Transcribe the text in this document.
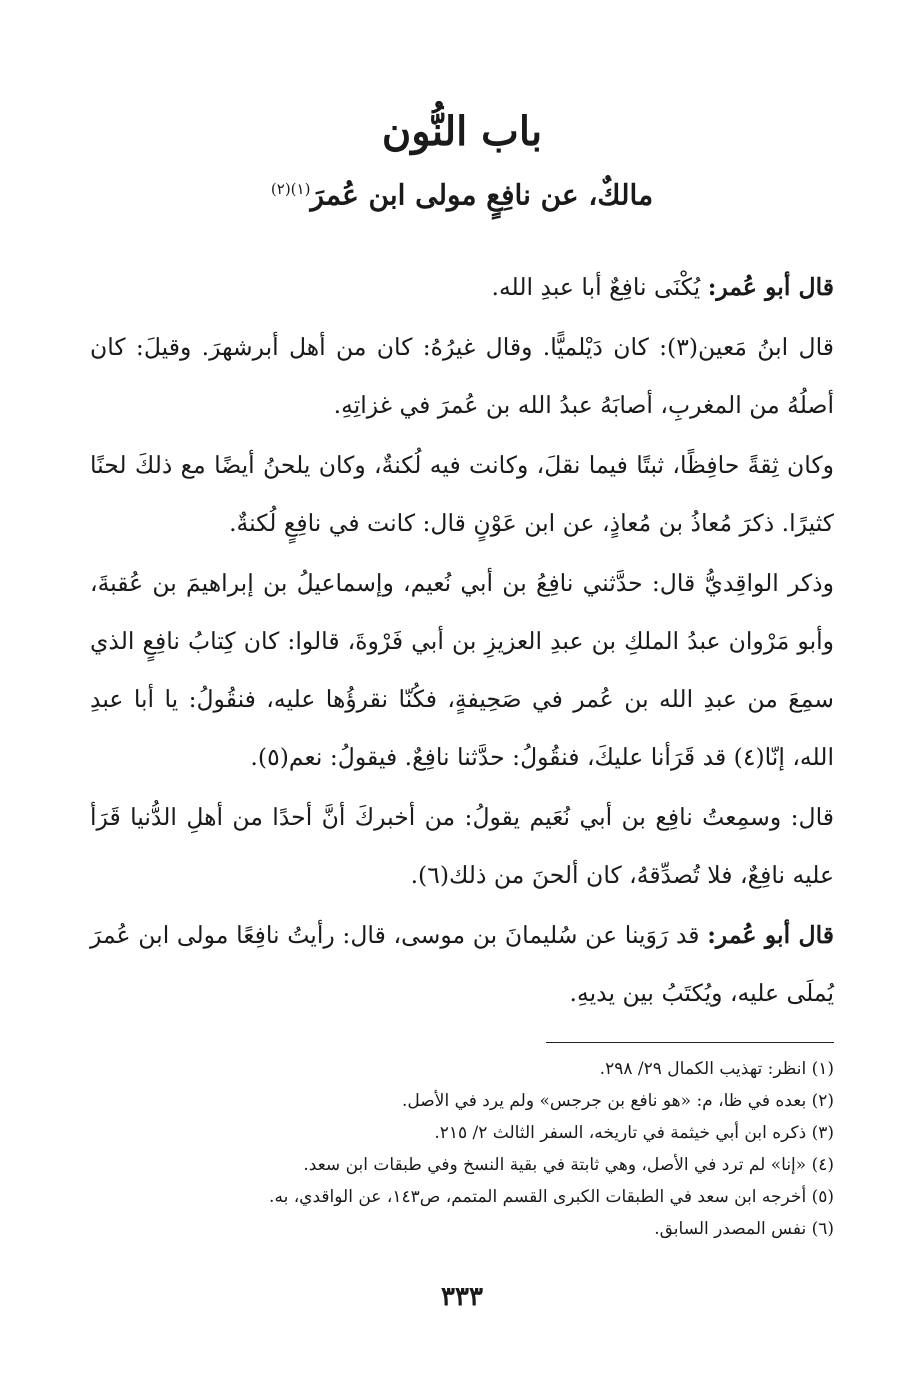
باب النُّون
مالكٌ، عن نافِعٍ مولى ابن عُمرَ$^{(١)(٢)}$

قال أبو عُمر: يُكْنَى نافِعٌ أبا عبدِ الله.

قال ابنُ مَعين(٣): كان دَيْلميًّا. وقال غيرُهُ: كان من أهل أبرشهرَ. وقيلَ: كان أصلُهُ من المغربِ، أصابَهُ عبدُ الله بن عُمرَ في غزاتِهِ.

وكان ثِقةً حافِظًا، ثبتًا فيما نقلَ، وكانت فيه لُكنةٌ، وكان يلحنُ أيضًا مع ذلكَ لحنًا كثيرًا. ذكرَ مُعاذُ بن مُعاذٍ، عن ابن عَوْنٍ قال: كانت في نافِعٍ لُكنةٌ.

وذكر الواقِديُّ قال: حدَّثني نافِعُ بن أبي نُعيم، وإسماعيلُ بن إبراهيمَ بن عُقبةَ، وأبو مَرْوان عبدُ الملكِ بن عبدِ العزيزِ بن أبي فَرْوةَ، قالوا: كان كِتابُ نافِعٍ الذي سمِعَ من عبدِ الله بن عُمر في صَحِيفةٍ، فكُنّا نقرؤُها عليه، فنقُولُ: يا أبا عبدِ الله، إنّا(٤) قد قَرَأنا عليكَ، فنقُولُ: حدَّثنا نافِعٌ. فيقولُ: نعم(٥).

قال: وسمِعتُ نافِع بن أبي نُعَيم يقولُ: من أخبركَ أنَّ أحدًا من أهلِ الدُّنيا قَرَأ عليه نافِعٌ، فلا تُصدِّقهُ، كان ألحنَ من ذلك(٦).

قال أبو عُمر: قد رَوَينا عن سُليمانَ بن موسى، قال: رأيتُ نافِعًا مولى ابن عُمرَ يُملَى عليه، ويُكتَبُ بين يديهِ.

(١) انظر: تهذيب الكمال ٢٩/ ٢٩٨.
(٢) بعده في ظا، م: «هو نافع بن جرجس» ولم يرد في الأصل.
(٣) ذكره ابن أبي خيثمة في تاريخه، السفر الثالث ٢/ ٢١٥.
(٤) «إنا» لم ترد في الأصل، وهي ثابتة في بقية النسخ وفي طبقات ابن سعد.
(٥) أخرجه ابن سعد في الطبقات الكبرى القسم المتمم، ص١٤٣، عن الواقدي، به.
(٦) نفس المصدر السابق.
٣٣٣
